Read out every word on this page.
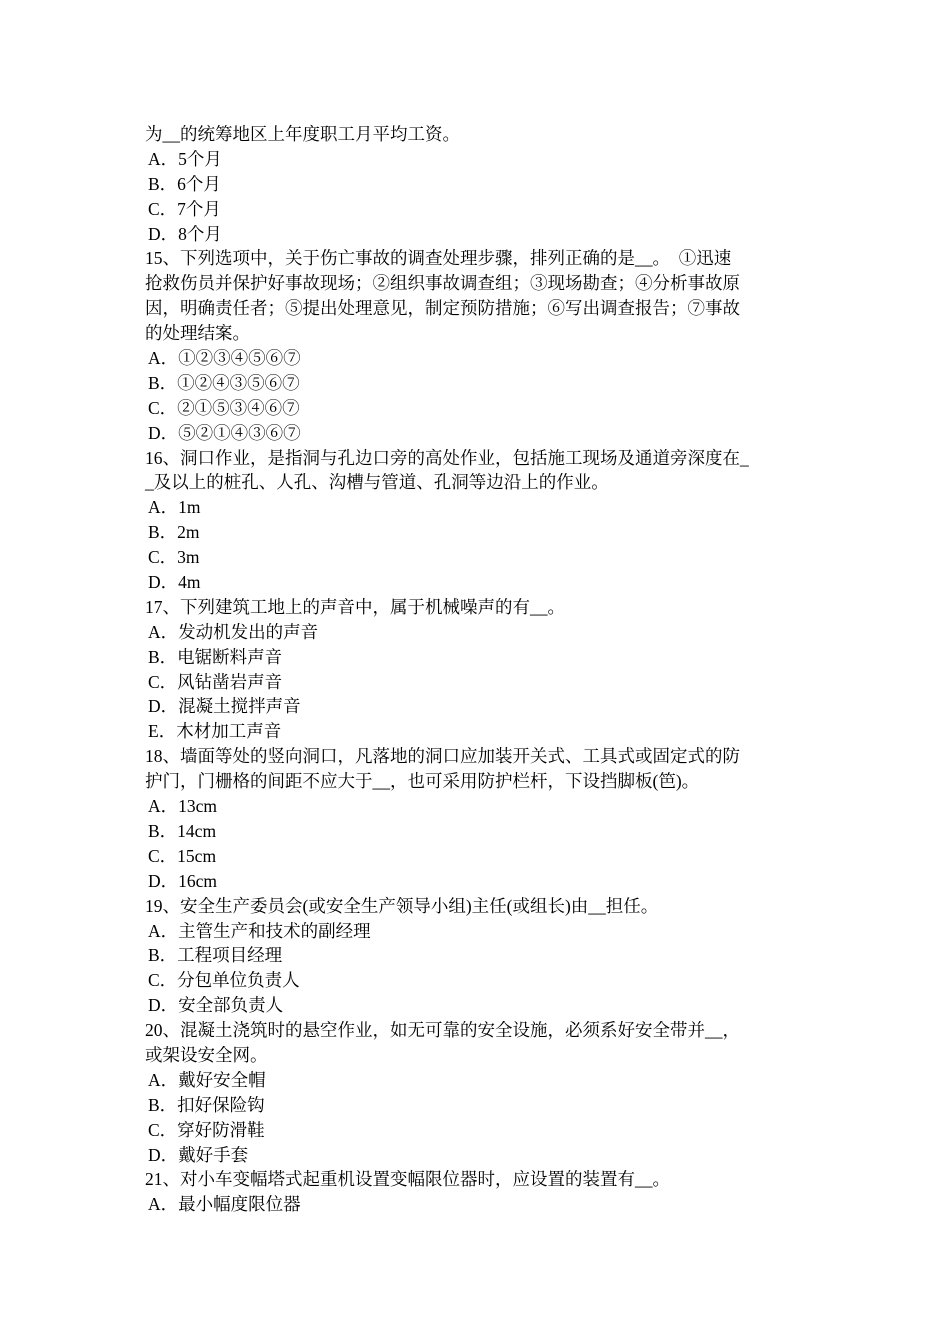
为__的统筹地区上年度职工月平均工资。
A．5个月
B．6个月
C．7个月
D．8个月
15、下列选项中，关于伤亡事故的调查处理步骤，排列正确的是__。　①迅速
抢救伤员并保护好事故现场；②组织事故调查组；③现场勘查；④分析事故原
因，明确责任者；⑤提出处理意见，制定预防措施；⑥写出调查报告；⑦事故
的处理结案。
A．①②③④⑤⑥⑦
B．①②④③⑤⑥⑦
C．②①⑤③④⑥⑦
D．⑤②①④③⑥⑦
16、洞口作业，是指洞与孔边口旁的高处作业，包括施工现场及通道旁深度在_
_及以上的桩孔、人孔、沟槽与管道、孔洞等边沿上的作业。
A．1m
B．2m
C．3m
D．4m
17、下列建筑工地上的声音中，属于机械噪声的有__。
A．发动机发出的声音
B．电锯断料声音
C．风钻凿岩声音
D．混凝土搅拌声音
E．木材加工声音
18、墙面等处的竖向洞口，凡落地的洞口应加装开关式、工具式或固定式的防
护门，门栅格的间距不应大于__，也可采用防护栏杆，下设挡脚板(笆)。
A．13cm
B．14cm
C．15cm
D．16cm
19、安全生产委员会(或安全生产领导小组)主任(或组长)由__担任。
A．主管生产和技术的副经理
B．工程项目经理
C．分包单位负责人
D．安全部负责人
20、混凝土浇筑时的悬空作业，如无可靠的安全设施，必须系好安全带并__，
或架设安全网。
A．戴好安全帽
B．扣好保险钩
C．穿好防滑鞋
D．戴好手套
21、对小车变幅塔式起重机设置变幅限位器时，应设置的装置有__。
A．最小幅度限位器
